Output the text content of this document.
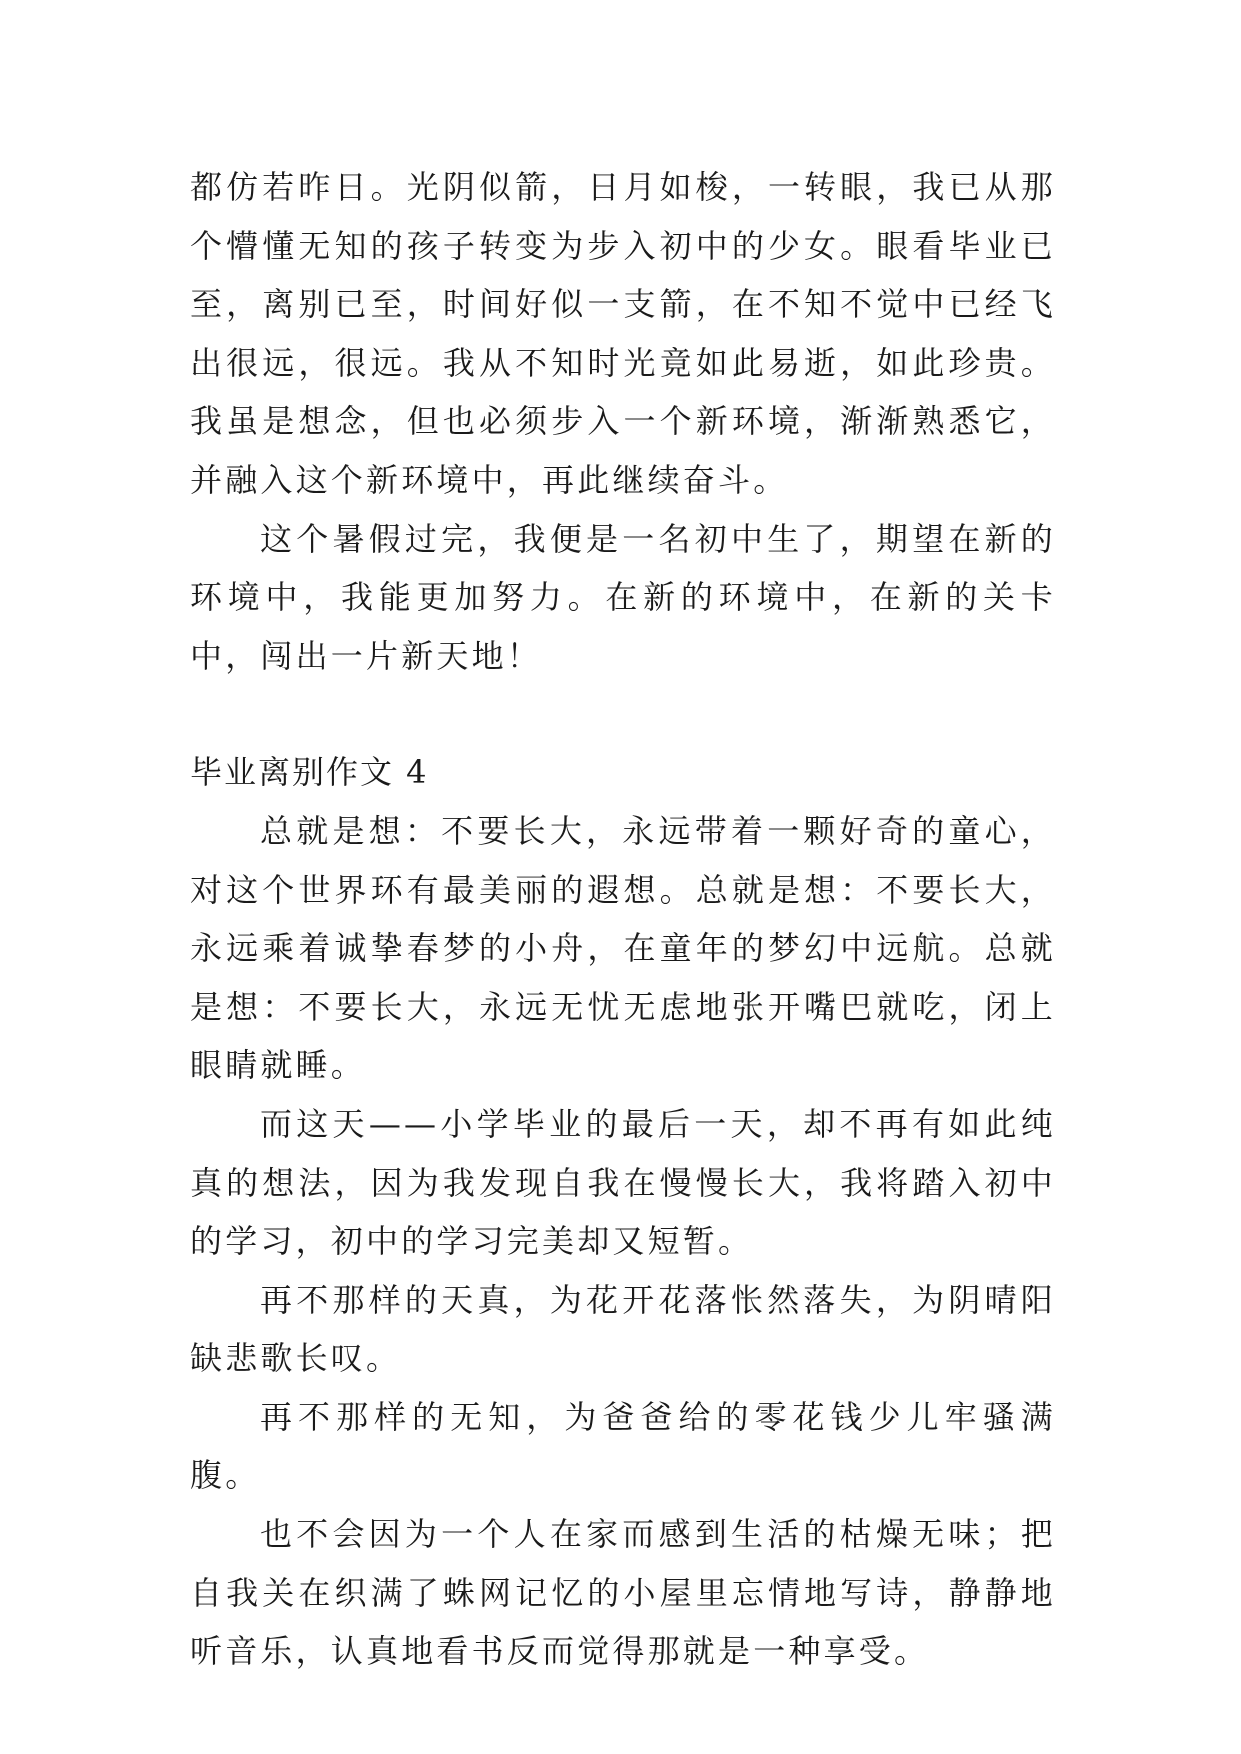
都仿若昨日。光阴似箭，日月如梭，一转眼，我已从那个懵懂无知的孩子转变为步入初中的少女。眼看毕业已至，离别已至，时间好似一支箭，在不知不觉中已经飞出很远，很远。我从不知时光竟如此易逝，如此珍贵。我虽是想念，但也必须步入一个新环境，渐渐熟悉它，并融入这个新环境中，再此继续奋斗。

这个暑假过完，我便是一名初中生了，期望在新的环境中，我能更加努力。在新的环境中，在新的关卡中，闯出一片新天地！

毕业离别作文 4

总就是想：不要长大，永远带着一颗好奇的童心，对这个世界环有最美丽的遐想。总就是想：不要长大，永远乘着诚挚春梦的小舟，在童年的梦幻中远航。总就是想：不要长大，永远无忧无虑地张开嘴巴就吃，闭上眼睛就睡。

而这天——小学毕业的最后一天，却不再有如此纯真的想法，因为我发现自我在慢慢长大，我将踏入初中的学习，初中的学习完美却又短暂。

再不那样的天真，为花开花落怅然落失，为阴晴阳缺悲歌长叹。

再不那样的无知，为爸爸给的零花钱少儿牢骚满腹。

也不会因为一个人在家而感到生活的枯燥无味；把自我关在织满了蛛网记忆的小屋里忘情地写诗，静静地听音乐，认真地看书反而觉得那就是一种享受。
